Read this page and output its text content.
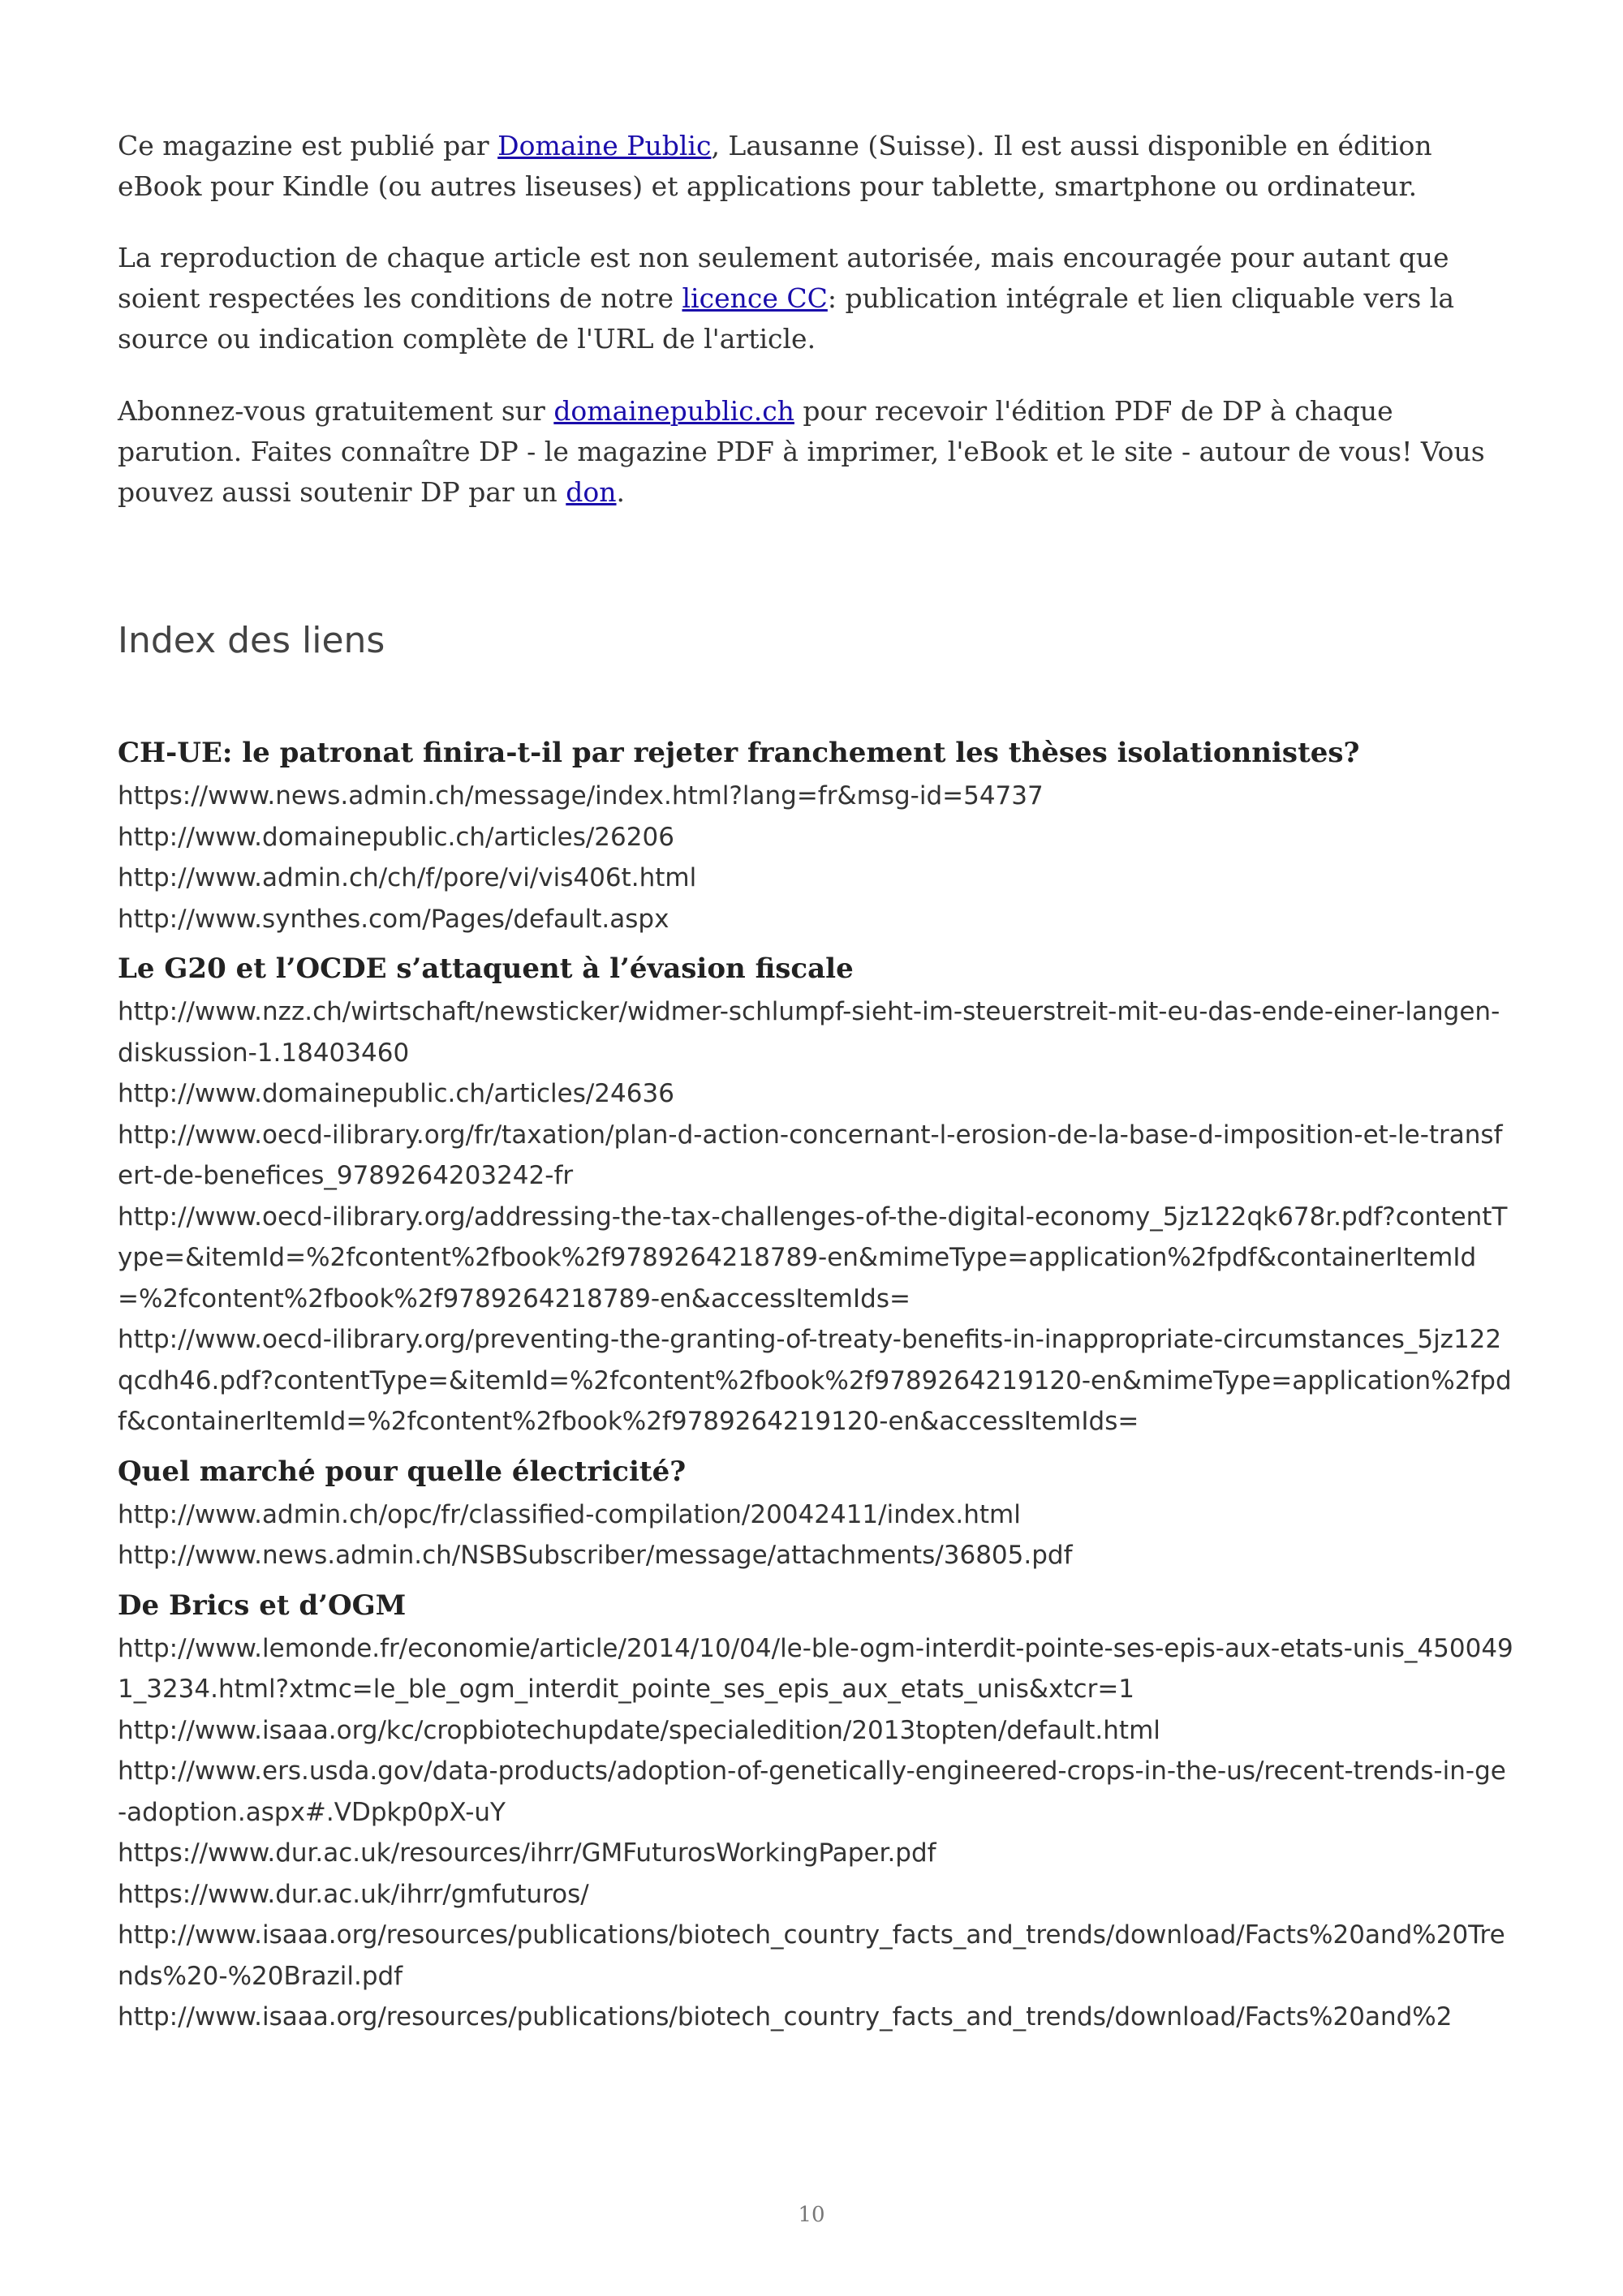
Ce magazine est publié par Domaine Public, Lausanne (Suisse). Il est aussi disponible en édition eBook pour Kindle (ou autres liseuses) et applications pour tablette, smartphone ou ordinateur.

La reproduction de chaque article est non seulement autorisée, mais encouragée pour autant que soient respectées les conditions de notre licence CC: publication intégrale et lien cliquable vers la source ou indication complète de l'URL de l'article.

Abonnez-vous gratuitement sur domainepublic.ch pour recevoir l'édition PDF de DP à chaque parution. Faites connaître DP - le magazine PDF à imprimer, l'eBook et le site - autour de vous! Vous pouvez aussi soutenir DP par un don.

Index des liens
CH-UE: le patronat finira-t-il par rejeter franchement les thèses isolationnistes?
https://www.news.admin.ch/message/index.html?lang=fr&msg-id=54737
http://www.domainepublic.ch/articles/26206
http://www.admin.ch/ch/f/pore/vi/vis406t.html
http://www.synthes.com/Pages/default.aspx
Le G20 et l’OCDE s’attaquent à l’évasion fiscale
http://www.nzz.ch/wirtschaft/newsticker/widmer-schlumpf-sieht-im-steuerstreit-mit-eu-das-ende-einer-langen-diskussion-1.18403460
http://www.domainepublic.ch/articles/24636
http://www.oecd-ilibrary.org/fr/taxation/plan-d-action-concernant-l-erosion-de-la-base-d-imposition-et-le-transfert-de-benefices_9789264203242-fr
http://www.oecd-ilibrary.org/addressing-the-tax-challenges-of-the-digital-economy_5jz122qk678r.pdf?contentType=&itemId=%2fcontent%2fbook%2f9789264218789-en&mimeType=application%2fpdf&containerItemId=%2fcontent%2fbook%2f9789264218789-en&accessItemIds=
http://www.oecd-ilibrary.org/preventing-the-granting-of-treaty-benefits-in-inappropriate-circumstances_5jz122qcdh46.pdf?contentType=&itemId=%2fcontent%2fbook%2f9789264219120-en&mimeType=application%2fpdf&containerItemId=%2fcontent%2fbook%2f9789264219120-en&accessItemIds=
Quel marché pour quelle électricité?
http://www.admin.ch/opc/fr/classified-compilation/20042411/index.html
http://www.news.admin.ch/NSBSubscriber/message/attachments/36805.pdf
De Brics et d’OGM
http://www.lemonde.fr/economie/article/2014/10/04/le-ble-ogm-interdit-pointe-ses-epis-aux-etats-unis_4500491_3234.html?xtmc=le_ble_ogm_interdit_pointe_ses_epis_aux_etats_unis&xtcr=1
http://www.isaaa.org/kc/cropbiotechupdate/specialedition/2013topten/default.html
http://www.ers.usda.gov/data-products/adoption-of-genetically-engineered-crops-in-the-us/recent-trends-in-ge-adoption.aspx#.VDpkp0pX-uY
https://www.dur.ac.uk/resources/ihrr/GMFuturosWorkingPaper.pdf
https://www.dur.ac.uk/ihrr/gmfuturos/
http://www.isaaa.org/resources/publications/biotech_country_facts_and_trends/download/Facts%20and%20Trends%20-%20Brazil.pdf
http://www.isaaa.org/resources/publications/biotech_country_facts_and_trends/download/Facts%20and%2
10
